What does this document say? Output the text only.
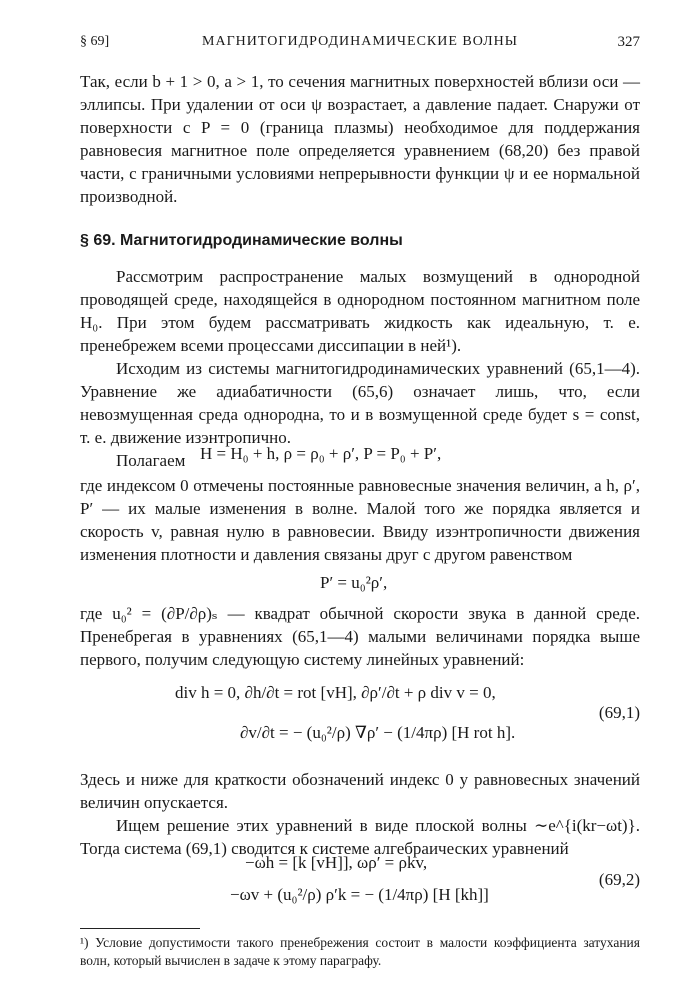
§ 69]	МАГНИТОГИДРОДИНАМИЧЕСКИЕ ВОЛНЫ	327

Так, если b + 1 > 0, a > 1, то сечения магнитных поверхностей вблизи оси — эллипсы. При удалении от оси ψ возрастает, а давление падает. Снаружи от поверхности с P = 0 (граница плазмы) необходимое для поддержания равновесия магнитное поле определяется уравнением (68,20) без правой части, с граничными условиями непрерывности функции ψ и ее нормальной производной.

§ 69. Магнитогидродинамические волны

Рассмотрим распространение малых возмущений в однородной проводящей среде, находящейся в однородном постоянном магнитном поле H₀. При этом будем рассматривать жидкость как идеальную, т. е. пренебрежем всеми процессами диссипации в ней¹).

Исходим из системы магнитогидродинамических уравнений (65,1—4). Уравнение же адиабатичности (65,6) означает лишь, что, если невозмущенная среда однородна, то и в возмущенной среде будет s = const, т. е. движение изэнтропично.

Полагаем H = H₀ + h, ρ = ρ₀ + ρ′, P = P₀ + P′,

где индексом 0 отмечены постоянные равновесные значения величин, а h, ρ′, P′ — их малые изменения в волне. Малой того же порядка является и скорость v, равная нулю в равновесии. Ввиду изэнтропичности движения изменения плотности и давления связаны друг с другом равенством

P′ = u₀²ρ′,

где u₀² = (∂P/∂ρ)ₛ — квадрат обычной скорости звука в данной среде. Пренебрегая в уравнениях (65,1—4) малыми величинами порядка выше первого, получим следующую систему линейных уравнений:

div h = 0, ∂h/∂t = rot [vH], ∂ρ′/∂t + ρ div v = 0,
∂v/∂t = − (u₀²/ρ) ∇ρ′ − (1/4πρ) [H rot h].
(69,1)

Здесь и ниже для краткости обозначений индекс 0 у равновесных значений величин опускается.

Ищем решение этих уравнений в виде плоской волны ∼e^{i(kr−ωt)}. Тогда система (69,1) сводится к системе алгебраических уравнений

−ωh = [k [vH]], ωρ′ = ρkv,
−ωv + (u₀²/ρ) ρ′k = − (1/4πρ) [H [kh]]
(69,2)
¹) Условие допустимости такого пренебрежения состоит в малости коэффициента затухания волн, который вычислен в задаче к этому параграфу.
